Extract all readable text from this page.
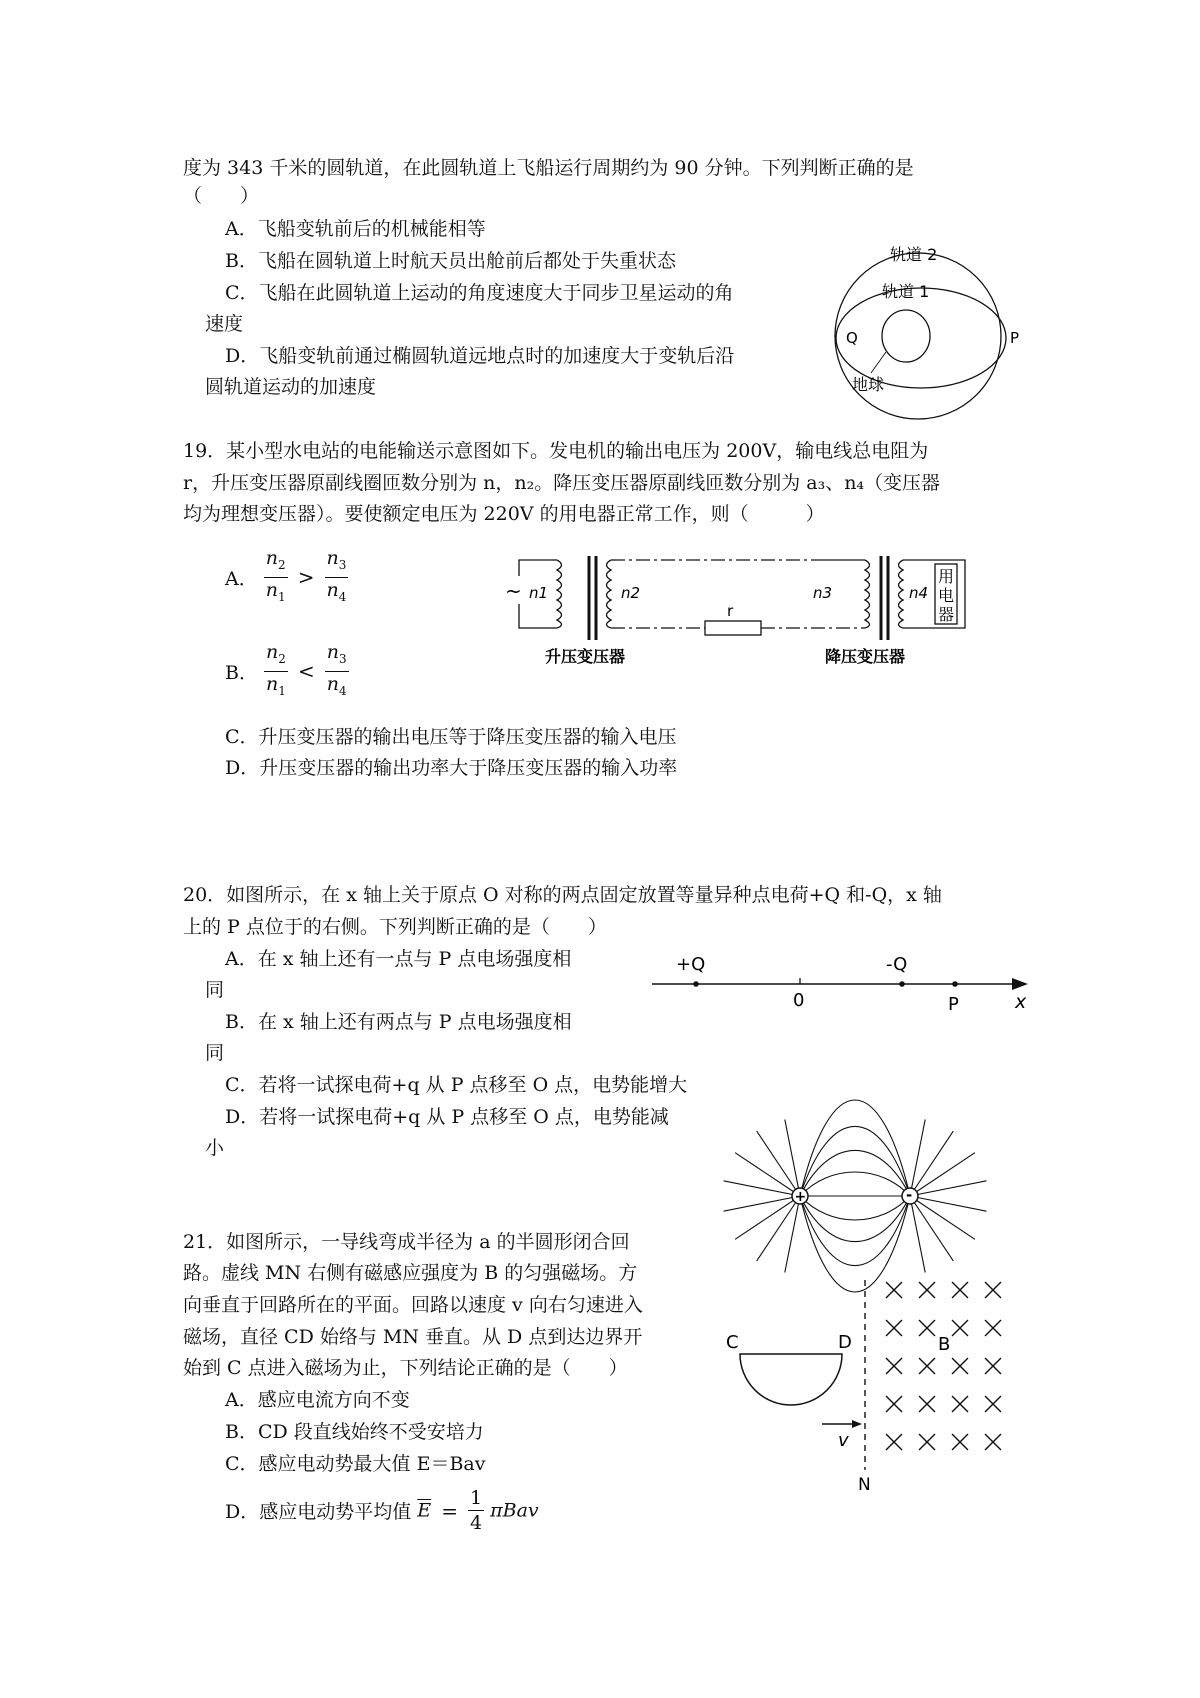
度为 343 千米的圆轨道，在此圆轨道上飞船运行周期约为 90 分钟。下列判断正确的是
（　　）
A．飞船变轨前后的机械能相等
B．飞船在圆轨道上时航天员出舱前后都处于失重状态
C．飞船在此圆轨道上运动的角度速度大于同步卫星运动的角
速度
D．飞船变轨前通过椭圆轨道远地点时的加速度大于变轨后沿
圆轨道运动的加速度
轨道 2
轨道 1
Q	P
地球
19．某小型水电站的电能输送示意图如下。发电机的输出电压为 200V，输电线总电阻为
r，升压变压器原副线圈匝数分别为 n，n₂。降压变压器原副线匝数分别为 a₃、n₄（变压器
均为理想变压器）。要使额定电压为 220V 的用电器正常工作，则（　　　）
A． $\frac{n_2}{n_1} > \frac{n_3}{n_4}$
B． $\frac{n_2}{n_1} < \frac{n_3}{n_4}$
~ n1	n2
r
n3	n4
用
电
器
升压变压器	降压变压器
C．升压变压器的输出电压等于降压变压器的输入电压
D．升压变压器的输出功率大于降压变压器的输入功率
20．如图所示，在 x 轴上关于原点 O 对称的两点固定放置等量异种点电荷+Q 和-Q，x 轴
上的 P 点位于的右侧。下列判断正确的是（　　）
A．在 x 轴上还有一点与 P 点电场强度相
同
B．在 x 轴上还有两点与 P 点电场强度相
同
C．若将一试探电荷+q 从 P 点移至 O 点，电势能增大
D．若将一试探电荷+q 从 P 点移至 O 点，电势能减
小
+Q
0
-Q
P	x
+	-
21．如图所示，一导线弯成半径为 a 的半圆形闭合回
路。虚线 MN 右侧有磁感应强度为 B 的匀强磁场。方
向垂直于回路所在的平面。回路以速度 v 向右匀速进入
磁场，直径 CD 始络与 MN 垂直。从 D 点到达边界开
始到 C 点进入磁场为止，下列结论正确的是（　　）
A．感应电流方向不变
B．CD 段直线始终不受安培力
C．感应电动势最大值 E＝Bav
D．感应电动势平均值 $\overline{E} = \frac{1}{4}$ πBav
C	D	B
v
N
